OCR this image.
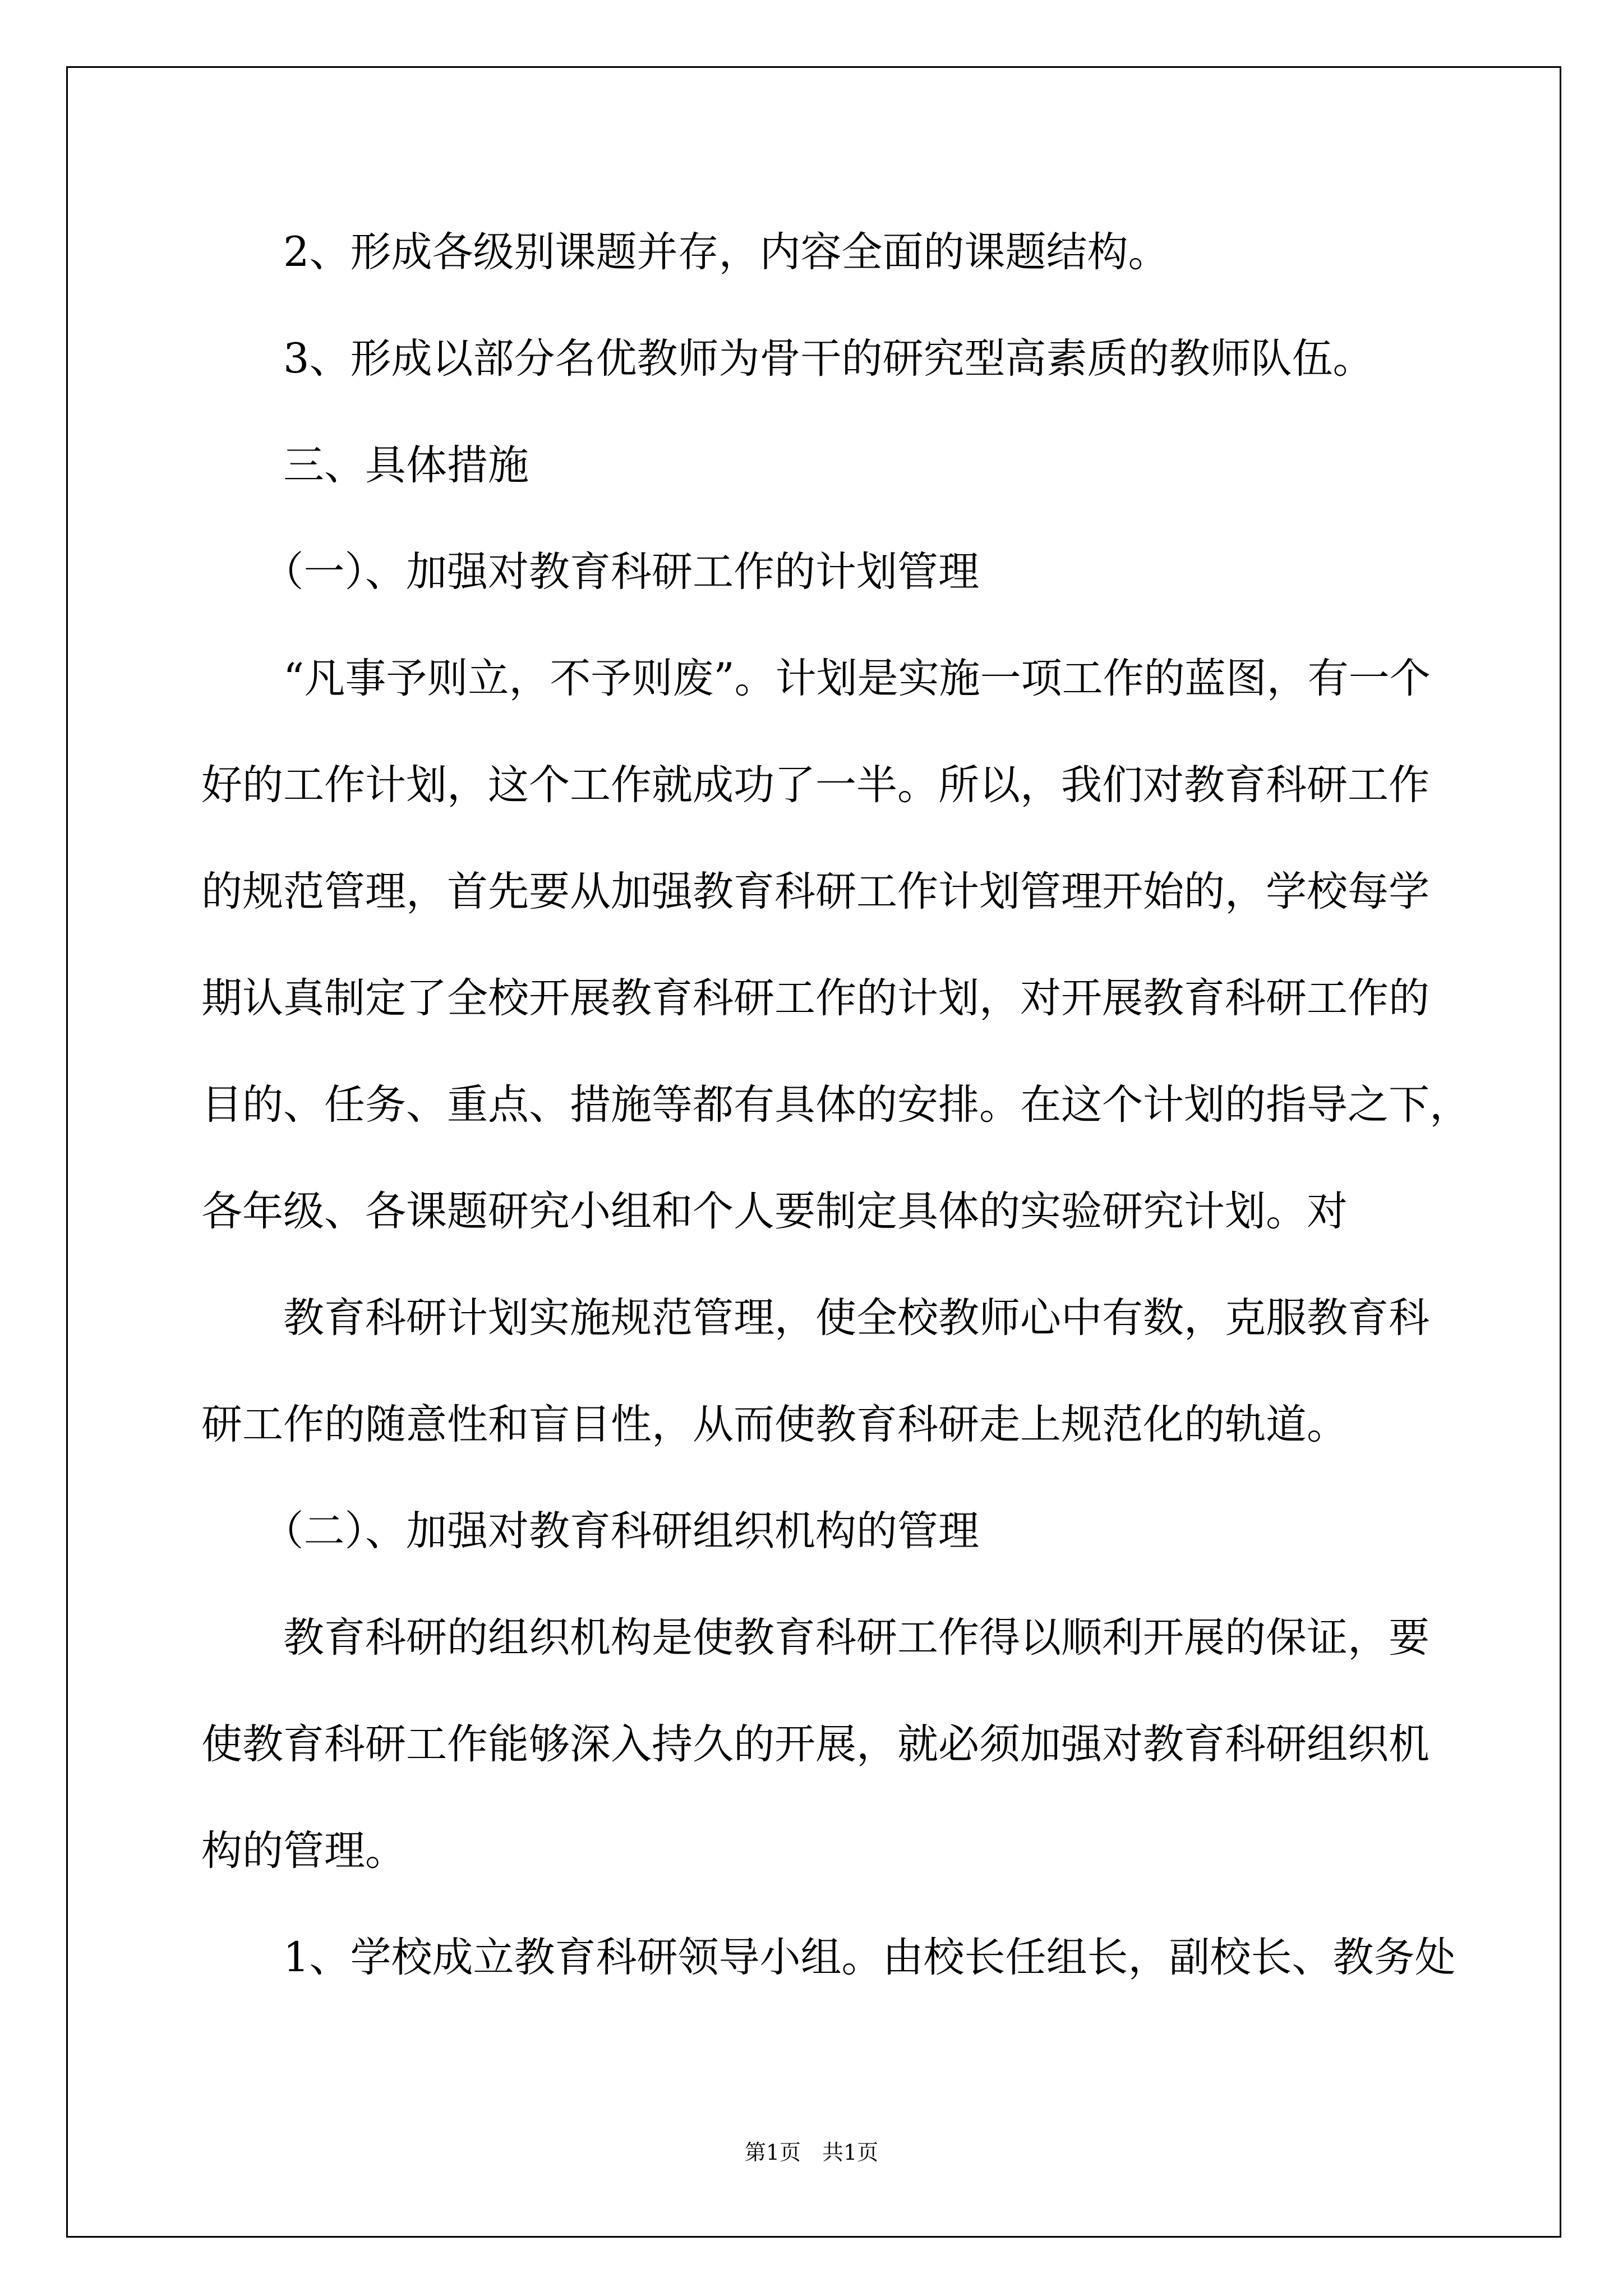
2、形成各级别课题并存，内容全面的课题结构。
3、形成以部分名优教师为骨干的研究型高素质的教师队伍。
三、具体措施
（一）、加强对教育科研工作的计划管理
“凡事予则立，不予则废”。计划是实施一项工作的蓝图，有一个
好的工作计划，这个工作就成功了一半。所以，我们对教育科研工作
的规范管理，首先要从加强教育科研工作计划管理开始的，学校每学
期认真制定了全校开展教育科研工作的计划，对开展教育科研工作的
目的、任务、重点、措施等都有具体的安排。在这个计划的指导之下，
各年级、各课题研究小组和个人要制定具体的实验研究计划。对
教育科研计划实施规范管理，使全校教师心中有数，克服教育科
研工作的随意性和盲目性，从而使教育科研走上规范化的轨道。
（二）、加强对教育科研组织机构的管理
教育科研的组织机构是使教育科研工作得以顺利开展的保证，要
使教育科研工作能够深入持久的开展，就必须加强对教育科研组织机
构的管理。
1、学校成立教育科研领导小组。由校长任组长，副校长、教务处
第1页　共1页
